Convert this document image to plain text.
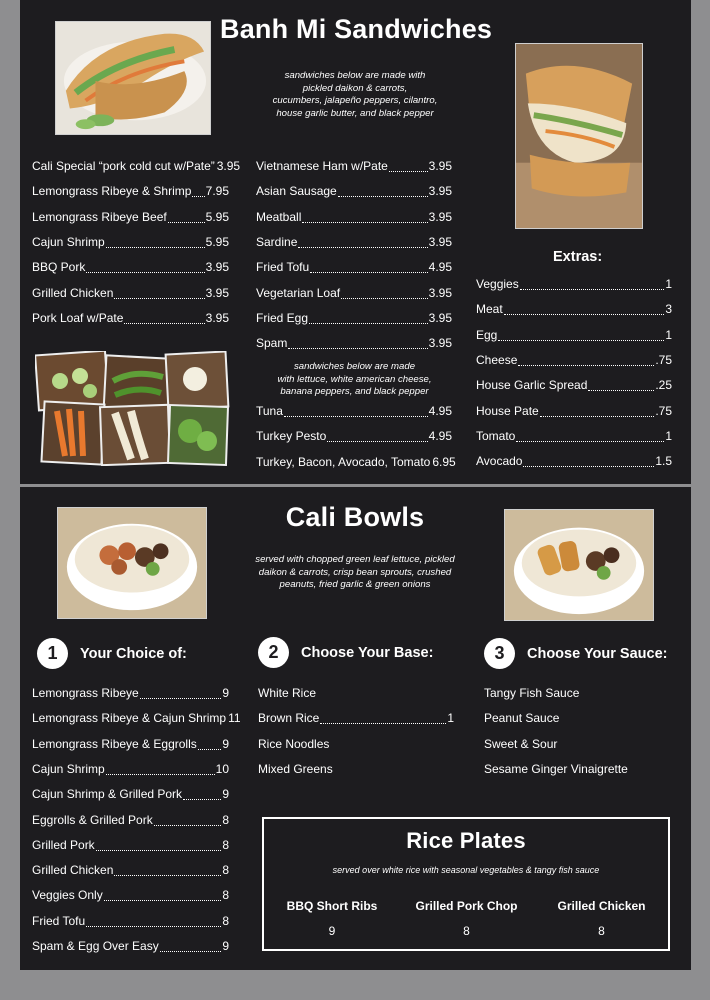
Banh Mi Sandwiches
sandwiches below are made with
pickled daikon & carrots,
cucumbers, jalapeño peppers, cilantro,
house garlic butter, and black pepper
Cali Special “pork cold cut w/Pate” 3.95
Lemongrass Ribeye & Shrimp 7.95
Lemongrass Ribeye Beef	5.95
Cajun Shrimp	5.95
BBQ Pork	3.95
Grilled Chicken	3.95
Pork Loaf w/Pate	3.95
Vietnamese Ham w/Pate	3.95
Asian Sausage	3.95
Meatball	3.95
Sardine	3.95
Fried Tofu	4.95
Vegetarian Loaf	3.95
Fried Egg	3.95
Spam	3.95
sandwiches below are made
with lettuce, white american cheese,
banana peppers, and black pepper
Tuna	4.95
Turkey Pesto	4.95
Turkey, Bacon, Avocado, Tomato 6.95
Extras:
Veggies	1
Meat	3
Egg	1
Cheese	.75
House Garlic Spread	.25
House Pate	.75
Tomato	1
Avocado	1.5
Cali Bowls
served with chopped green leaf lettuce, pickled
daikon & carrots, crisp bean sprouts, crushed
peanuts, fried garlic & green onions
1	Your Choice of:	2	Choose Your Base:	3	Choose Your Sauce:
Lemongrass Ribeye	9
Lemongrass Ribeye & Cajun Shrimp 11
Lemongrass Ribeye & Eggrolls 9
Cajun Shrimp	10
Cajun Shrimp & Grilled Pork	9
Eggrolls & Grilled Pork	8
Grilled Pork	8
Grilled Chicken	8
Veggies Only	8
Fried Tofu	8
Spam & Egg Over Easy	9
White Rice
Brown Rice	1
Rice Noodles
Mixed Greens
Tangy Fish Sauce
Peanut Sauce
Sweet & Sour
Sesame Ginger Vinaigrette
Rice Plates
served over white rice with seasonal vegetables & tangy fish sauce
BBQ Short Ribs
9
Grilled Pork Chop
8
Grilled Chicken
8
